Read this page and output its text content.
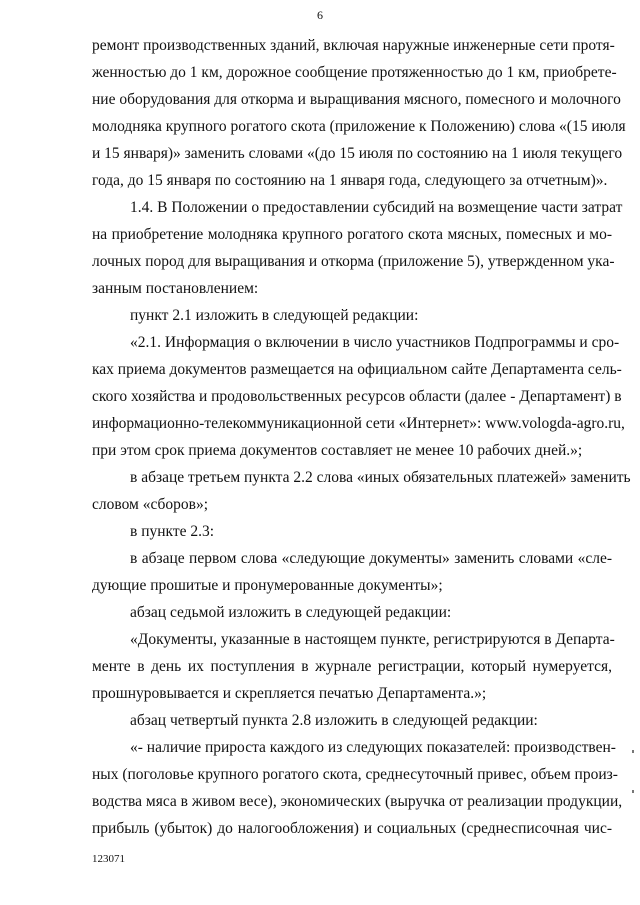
6
ремонт производственных зданий, включая наружные инженерные сети протя-
женностью до 1 км, дорожное сообщение протяженностью до 1 км, приобрете-
ние оборудования для откорма и выращивания мясного, помесного и молочного
молодняка крупного рогатого скота (приложение к Положению) слова «(15 июля
и 15 января)» заменить словами «(до 15 июля по состоянию на 1 июля текущего
года, до 15 января по состоянию на 1 января года, следующего за отчетным)».
1.4. В Положении о предоставлении субсидий на возмещение части затрат
на приобретение молодняка крупного рогатого скота мясных, помесных и мо-
лочных пород для выращивания и откорма (приложение 5), утвержденном ука-
занным постановлением:
пункт 2.1 изложить в следующей редакции:
«2.1. Информация о включении в число участников Подпрограммы и сро-
ках приема документов размещается на официальном сайте Департамента сель-
ского хозяйства и продовольственных ресурсов области (далее - Департамент) в
информационно-телекоммуникационной сети «Интернет»: www.vologda-agro.ru,
при этом срок приема документов составляет не менее 10 рабочих дней.»;
в абзаце третьем пункта 2.2 слова «иных обязательных платежей» заменить
словом «сборов»;
в пункте 2.3:
в абзаце первом слова «следующие документы» заменить словами «сле-
дующие прошитые и пронумерованные документы»;
абзац седьмой изложить в следующей редакции:
«Документы, указанные в настоящем пункте, регистрируются в Департа-
менте в день их поступления в журнале регистрации, который нумеруется,
прошнуровывается и скрепляется печатью Департамента.»;
абзац четвертый пункта 2.8 изложить в следующей редакции:
«- наличие прироста каждого из следующих показателей: производствен-
ных (поголовье крупного рогатого скота, среднесуточный привес, объем произ-
водства мяса в живом весе), экономических (выручка от реализации продукции,
прибыль (убыток) до налогообложения) и социальных (среднесписочная чис-
123071
